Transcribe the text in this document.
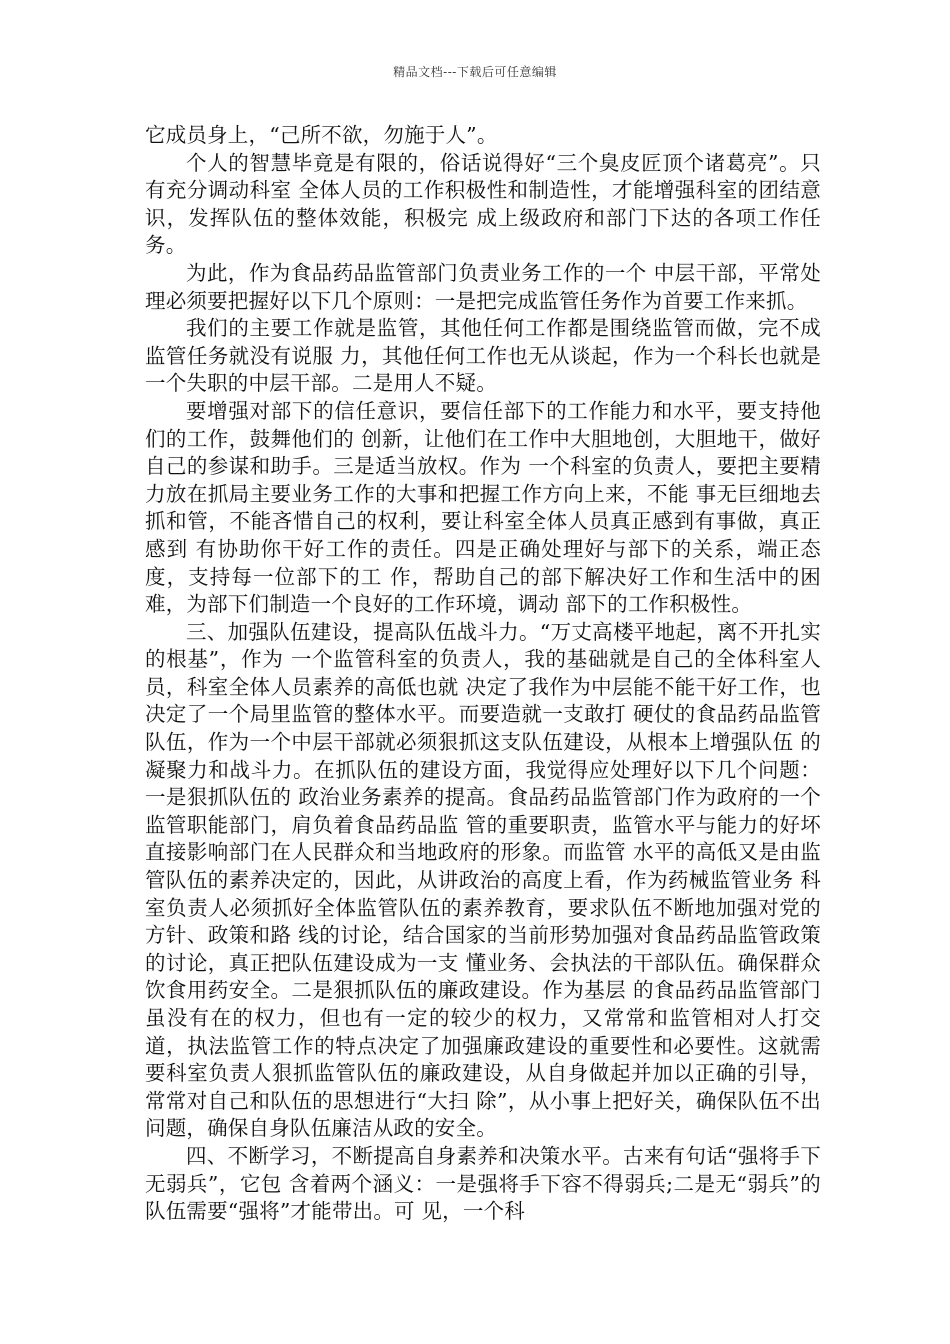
精品文档---下载后可任意编辑

它成员身上，“己所不欲，勿施于人”。

个人的智慧毕竟是有限的，俗话说得好“三个臭皮匠顶个诸葛亮”。只有充分调动科室 全体人员的工作积极性和制造性，才能增强科室的团结意识，发挥队伍的整体效能，积极完 成上级政府和部门下达的各项工作任务。

为此，作为食品药品监管部门负责业务工作的一个 中层干部，平常处理必须要把握好以下几个原则：一是把完成监管任务作为首要工作来抓。

我们的主要工作就是监管，其他任何工作都是围绕监管而做，完不成监管任务就没有说服 力，其他任何工作也无从谈起，作为一个科长也就是一个失职的中层干部。二是用人不疑。

要增强对部下的信任意识，要信任部下的工作能力和水平，要支持他们的工作，鼓舞他们的 创新，让他们在工作中大胆地创，大胆地干，做好自己的参谋和助手。三是适当放权。作为 一个科室的负责人，要把主要精力放在抓局主要业务工作的大事和把握工作方向上来，不能 事无巨细地去抓和管，不能吝惜自己的权利，要让科室全体人员真正感到有事做，真正感到 有协助你干好工作的责任。四是正确处理好与部下的关系，端正态度，支持每一位部下的工 作，帮助自己的部下解决好工作和生活中的困难，为部下们制造一个良好的工作环境，调动 部下的工作积极性。

三、加强队伍建设，提高队伍战斗力。“万丈高楼平地起，离不开扎实的根基”，作为 一个监管科室的负责人，我的基础就是自己的全体科室人员，科室全体人员素养的高低也就 决定了我作为中层能不能干好工作，也决定了一个局里监管的整体水平。而要造就一支敢打 硬仗的食品药品监管队伍，作为一个中层干部就必须狠抓这支队伍建设，从根本上增强队伍 的凝聚力和战斗力。在抓队伍的建设方面，我觉得应处理好以下几个问题：一是狠抓队伍的 政治业务素养的提高。食品药品监管部门作为政府的一个监管职能部门，肩负着食品药品监 管的重要职责，监管水平与能力的好坏直接影响部门在人民群众和当地政府的形象。而监管 水平的高低又是由监管队伍的素养决定的，因此，从讲政治的高度上看，作为药械监管业务 科室负责人必须抓好全体监管队伍的素养教育，要求队伍不断地加强对党的方针、政策和路 线的讨论，结合国家的当前形势加强对食品药品监管政策的讨论，真正把队伍建设成为一支 懂业务、会执法的干部队伍。确保群众饮食用药安全。二是狠抓队伍的廉政建设。作为基层 的食品药品监管部门虽没有在的权力，但也有一定的较少的权力，又常常和监管相对人打交 道，执法监管工作的特点决定了加强廉政建设的重要性和必要性。这就需要科室负责人狠抓监管队伍的廉政建设，从自身做起并加以正确的引导，常常对自己和队伍的思想进行“大扫 除”，从小事上把好关，确保队伍不出问题，确保自身队伍廉洁从政的安全。

四、不断学习，不断提高自身素养和决策水平。古来有句话“强将手下无弱兵”，它包 含着两个涵义：一是强将手下容不得弱兵;二是无“弱兵”的队伍需要“强将”才能带出。可 见，一个科
